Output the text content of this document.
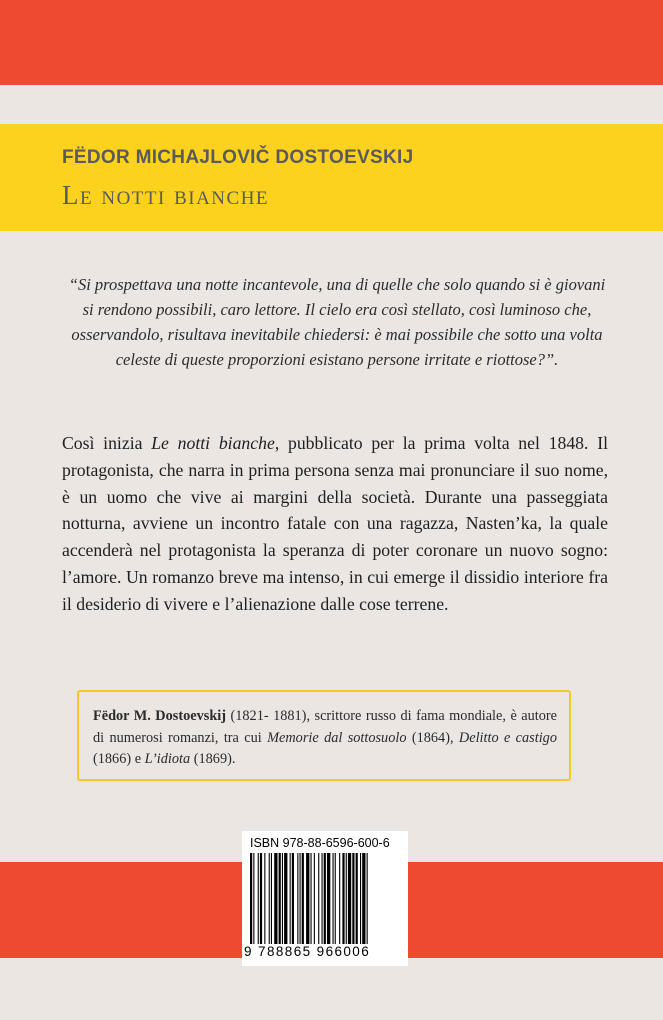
FËDOR MICHAJLOVIČ DOSTOEVSKIJ
Le notti bianche

“Si prospettava una notte incantevole, una di quelle che solo quando si è giovani si rendono possibili, caro lettore. Il cielo era così stellato, così luminoso che, osservandolo, risultava inevitabile chiedersi: è mai possibile che sotto una volta celeste di queste proporzioni esistano persone irritate e riottose?”.

Così inizia Le notti bianche, pubblicato per la prima volta nel 1848. Il protagonista, che narra in prima persona senza mai pronunciare il suo nome, è un uomo che vive ai margini della società. Durante una passeggiata notturna, avviene un incontro fatale con una ragazza, Nasten’ka, la quale accenderà nel protagonista la speranza di poter coronare un nuovo sogno: l’amore. Un romanzo breve ma intenso, in cui emerge il dissidio interiore fra il desiderio di vivere e l’alienazione dalle cose terrene.

Fëdor M. Dostoevskij (1821- 1881), scrittore russo di fama mondiale, è autore di numerosi romanzi, tra cui Memorie dal sottosuolo (1864), Delitto e castigo (1866) e L’idiota (1869).

ISBN 978-88-6596-600-6
9 788865 966006
